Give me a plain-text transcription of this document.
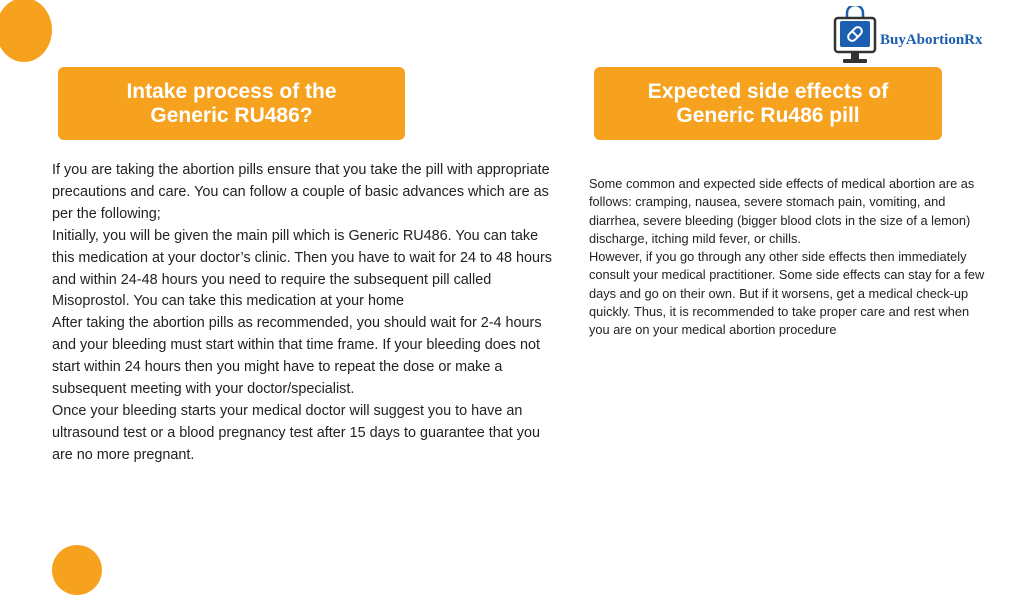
BuyAbortionRx
Intake process of the
Generic RU486?
Expected side effects of
Generic Ru486 pill

If you are taking the abortion pills ensure that you take the pill with appropriate precautions and care. You can follow a couple of basic advances which are as per the following;

Initially, you will be given the main pill which is Generic RU486. You can take this medication at your doctor’s clinic. Then you have to wait for 24 to 48 hours and within 24-48 hours you need to require the subsequent pill called Misoprostol. You can take this medication at your home

After taking the abortion pills as recommended, you should wait for 2-4 hours and your bleeding must start within that time frame. If your bleeding does not start within 24 hours then you might have to repeat the dose or make a subsequent meeting with your doctor/specialist.

Once your bleeding starts your medical doctor will suggest you to have an ultrasound test or a blood pregnancy test after 15 days to guarantee that you are no more pregnant.

Some common and expected side effects of medical abortion are as follows: cramping, nausea, severe stomach pain, vomiting, and diarrhea, severe bleeding (bigger blood clots in the size of a lemon) discharge, itching mild fever, or chills.

However, if you go through any other side effects then immediately consult your medical practitioner. Some side effects can stay for a few days and go on their own. But if it worsens, get a medical check-up quickly. Thus, it is recommended to take proper care and rest when you are on your medical abortion procedure
